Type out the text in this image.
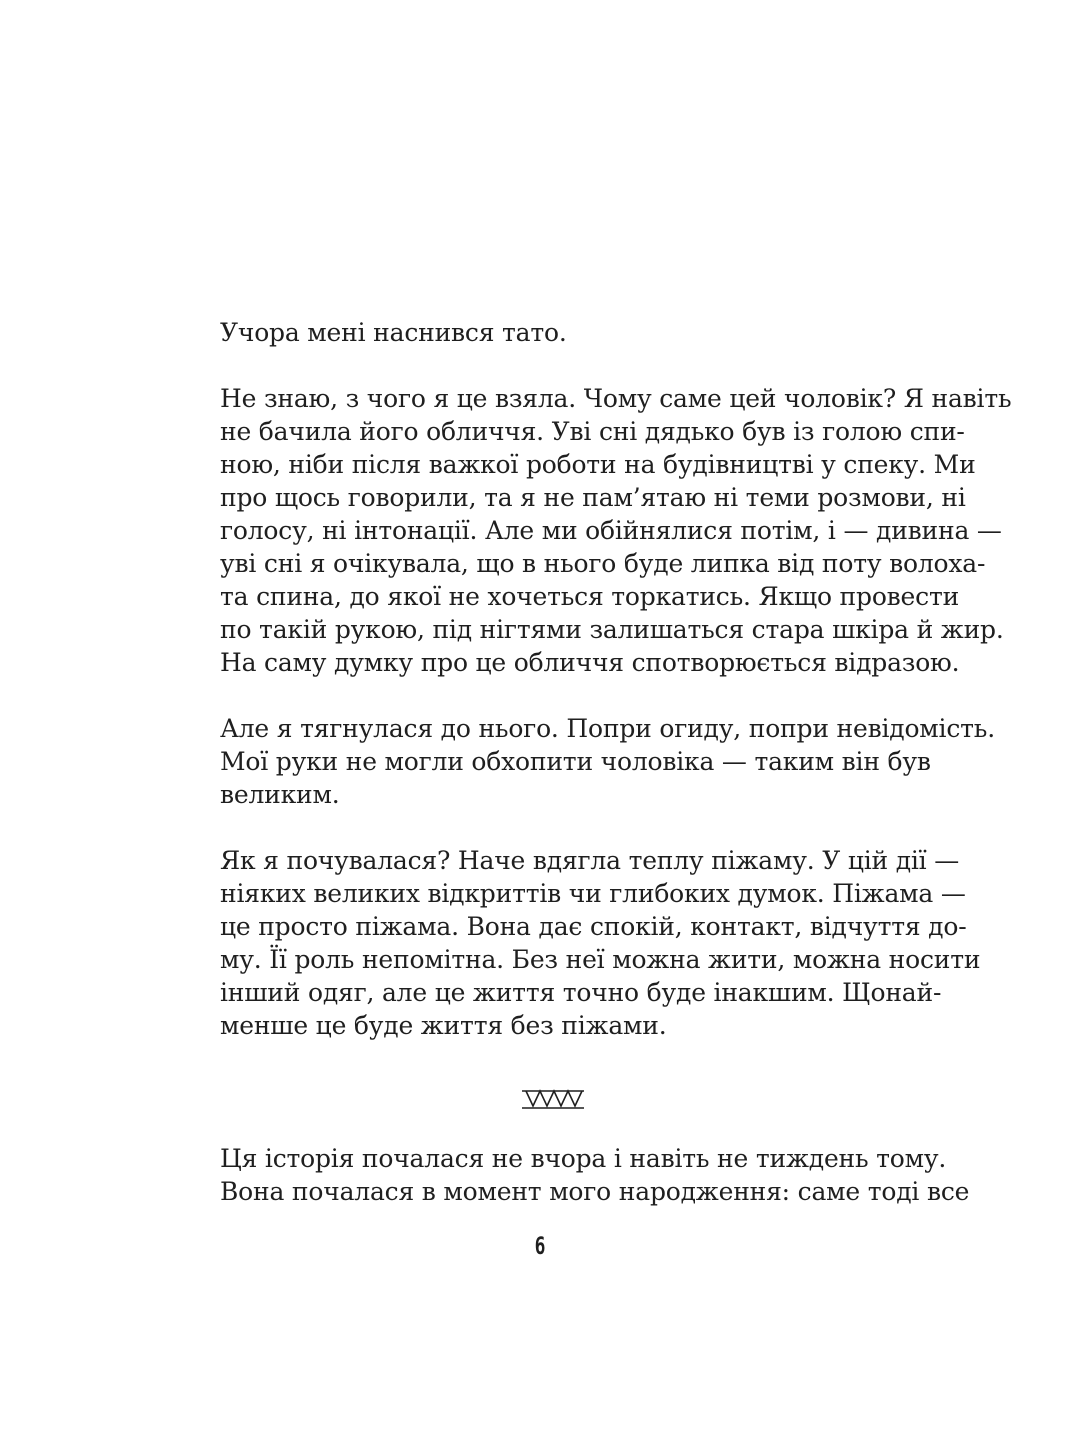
Учора мені наснився тато.
Не знаю, з чого я це взяла. Чому саме цей чоловік? Я навіть
не бачила його обличчя. Уві сні дядько був із голою спи-
ною, ніби після важкої роботи на будівництві у спеку. Ми
про щось говорили, та я не пам’ятаю ні теми розмови, ні
голосу, ні інтонації. Але ми обійнялися потім, і — дивина —
уві сні я очікувала, що в нього буде липка від поту волоха-
та спина, до якої не хочеться торкатись. Якщо провести
по такій рукою, під нігтями залишаться стара шкіра й жир.
На саму думку про це обличчя спотворюється відразою.
Але я тягнулася до нього. Попри огиду, попри невідомість.
Мої руки не могли обхопити чоловіка — таким він був
великим.
Як я почувалася? Наче вдягла теплу піжаму. У цій дії —
ніяких великих відкриттів чи глибоких думок. Піжама —
це просто піжама. Вона дає спокій, контакт, відчуття до-
му. Її роль непомітна. Без неї можна жити, можна носити
інший одяг, але це життя точно буде інакшим. Щонай-
менше це буде життя без піжами.
Ця історія почалася не вчора і навіть не тиждень тому.
Вона почалася в момент мого народження: саме тоді все
6
